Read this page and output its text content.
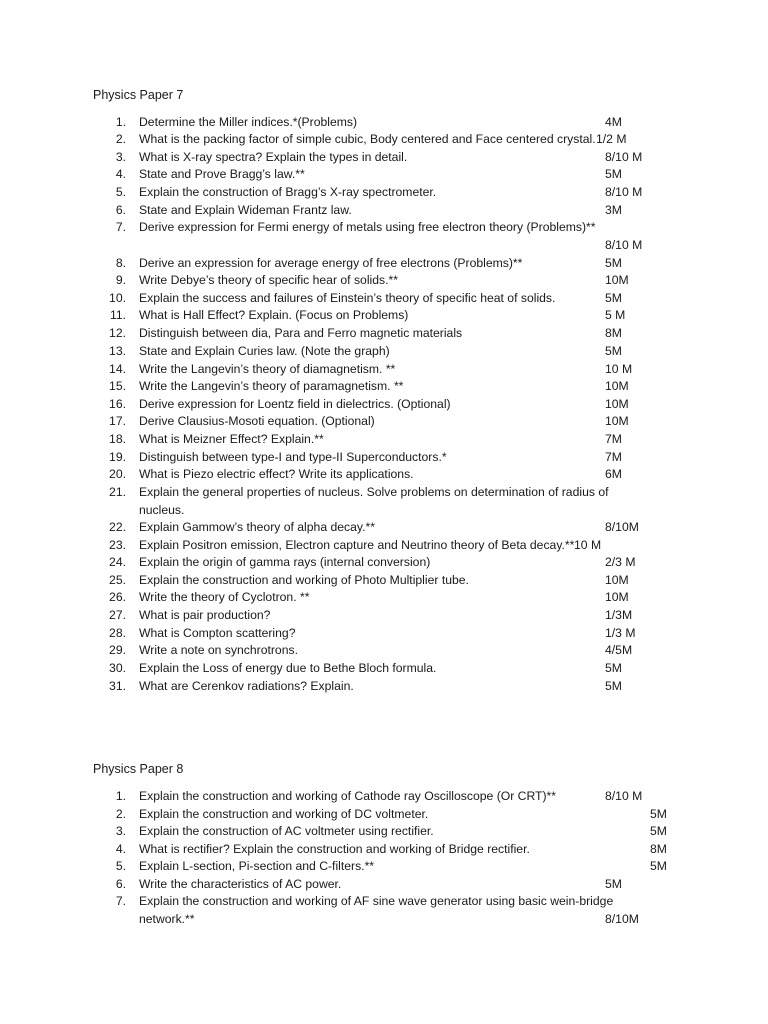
Physics Paper 7
1. Determine the Miller indices.*(Problems)	4M
2. What is the packing factor of simple cubic, Body centered and Face centered crystal. 1/2 M
3. What is X-ray spectra? Explain the types in detail.	8/10 M
4. State and Prove Bragg’s law.**	5M
5. Explain the construction of Bragg’s X-ray spectrometer.	8/10 M
6. State and Explain Wideman Frantz law.	3M
7. Derive expression for Fermi energy of metals using free electron theory (Problems)**
8/10 M
8. Derive an expression for average energy of free electrons (Problems)**	5M
9. Write Debye’s theory of specific hear of solids.**	10M
10. Explain the success and failures of Einstein’s theory of specific heat of solids.	5M
11. What is Hall Effect? Explain. (Focus on Problems)	5 M
12. Distinguish between dia, Para and Ferro magnetic materials	8M
13. State and Explain Curies law. (Note the graph)	5M
14. Write the Langevin’s theory of diamagnetism. **	10 M
15. Write the Langevin’s theory of paramagnetism. **	10M
16. Derive expression for Loentz field in dielectrics. (Optional)	10M
17. Derive Clausius-Mosoti equation. (Optional)	10M
18. What is Meizner Effect? Explain.**	7M
19. Distinguish between type-I and type-II Superconductors.*	7M
20. What is Piezo electric effect? Write its applications.	6M
21. Explain the general properties of nucleus. Solve problems on determination of radius of
nucleus.
22. Explain Gammow’s theory of alpha decay.**	8/10M
23. Explain Positron emission, Electron capture and Neutrino theory of Beta decay.** 10 M
24. Explain the origin of gamma rays (internal conversion)	2/3 M
25. Explain the construction and working of Photo Multiplier tube.	10M
26. Write the theory of Cyclotron. **	10M
27. What is pair production?	1/3M
28. What is Compton scattering?	1/3 M
29. Write a note on synchrotrons.	4/5M
30. Explain the Loss of energy due to Bethe Bloch formula.	5M
31. What are Cerenkov radiations? Explain.	5M
Physics Paper 8
1. Explain the construction and working of Cathode ray Oscilloscope (Or CRT)**	8/10 M
2. Explain the construction and working of DC voltmeter.	5M
3. Explain the construction of AC voltmeter using rectifier.	5M
4. What is rectifier? Explain the construction and working of Bridge rectifier.	8M
5. Explain L-section, Pi-section and C-filters.**	5M
6. Write the characteristics of AC power.	5M
7. Explain the construction and working of AF sine wave generator using basic wein-bridge
network.**	8/10M
